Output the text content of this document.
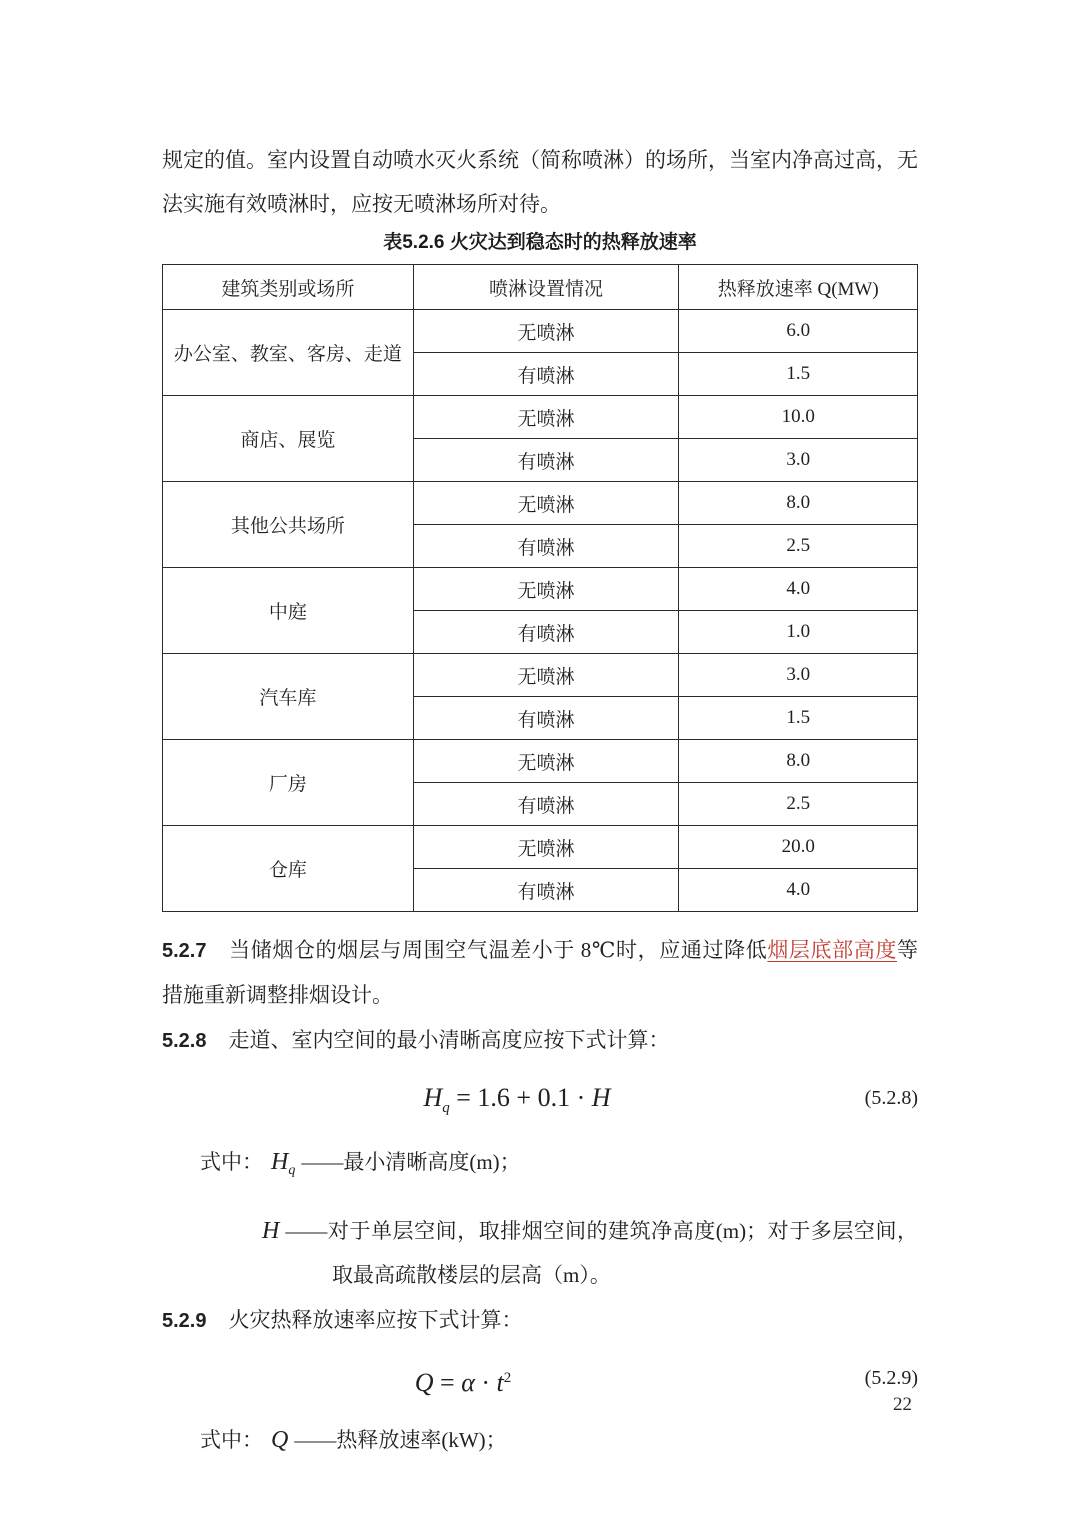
规定的值。室内设置自动喷水灭火系统（简称喷淋）的场所，当室内净高过高，无法实施有效喷淋时，应按无喷淋场所对待。

表5.2.6 火灾达到稳态时的热释放速率
建筑类别或场所	喷淋设置情况	热释放速率 Q(MW)
办公室、教室、客房、走道	无喷淋	6.0
	有喷淋	1.5
商店、展览	无喷淋	10.0
	有喷淋	3.0
其他公共场所	无喷淋	8.0
	有喷淋	2.5
中庭	无喷淋	4.0
	有喷淋	1.0
汽车库	无喷淋	3.0
	有喷淋	1.5
厂房	无喷淋	8.0
	有喷淋	2.5
仓库	无喷淋	20.0
	有喷淋	4.0

5.2.7 当储烟仓的烟层与周围空气温差小于 8℃时，应通过降低烟层底部高度等措施重新调整排烟设计。

5.2.8 走道、室内空间的最小清晰高度应按下式计算：

$H_q = 1.6 + 0.1 \cdot H$	(5.2.8)

式中： $H_q$ ——最小清晰高度(m)；

H ——对于单层空间，取排烟空间的建筑净高度(m)；对于多层空间，取最高疏散楼层的层高（m）。

5.2.9 火灾热释放速率应按下式计算：

$Q = \alpha \cdot t^2$	(5.2.9)

式中： Q ——热释放速率(kW)；

22
